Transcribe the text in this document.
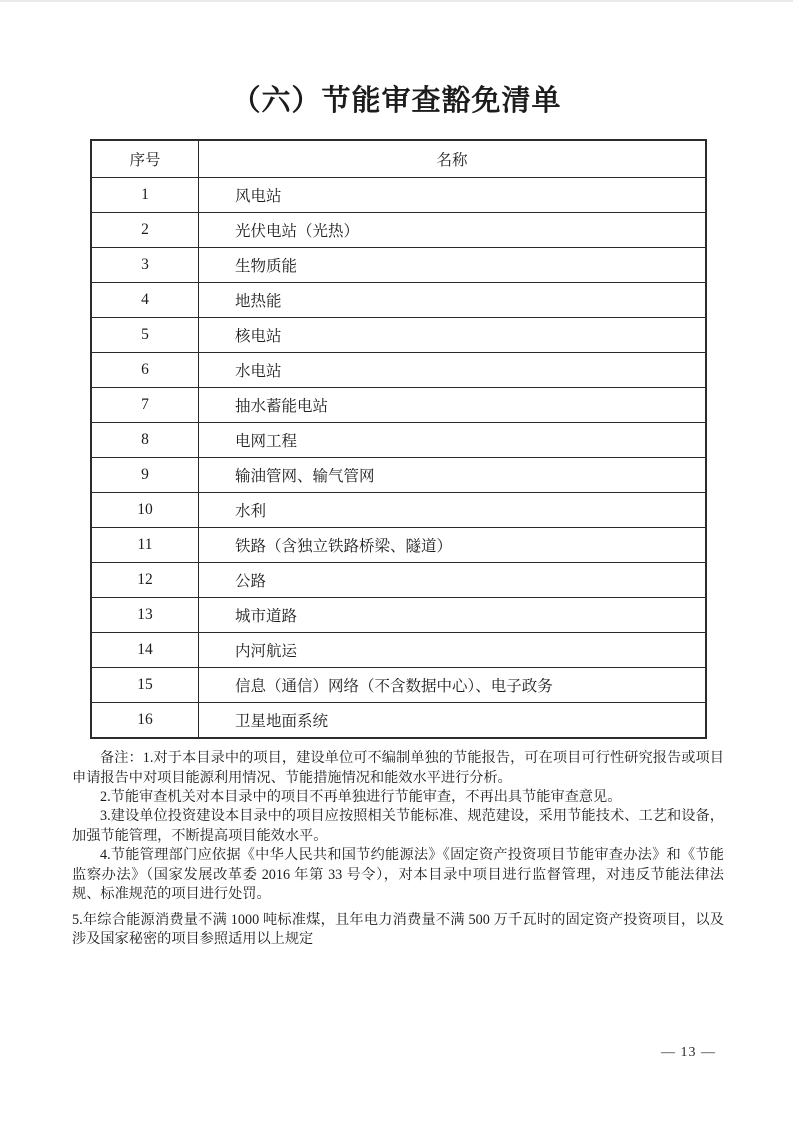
（六）节能审查豁免清单
序号	名称
1	风电站
2	光伏电站（光热）
3	生物质能
4	地热能
5	核电站
6	水电站
7	抽水蓄能电站
8	电网工程
9	输油管网、输气管网
10	水利
11	铁路（含独立铁路桥梁、隧道）
12	公路
13	城市道路
14	内河航运
15	信息（通信）网络（不含数据中心）、电子政务
16	卫星地面系统

备注：1.对于本目录中的项目，建设单位可不编制单独的节能报告，可在项目可行性研究报告或项目申请报告中对项目能源利用情况、节能措施情况和能效水平进行分析。

2.节能审查机关对本目录中的项目不再单独进行节能审查，不再出具节能审查意见。

3.建设单位投资建设本目录中的项目应按照相关节能标准、规范建设，采用节能技术、工艺和设备，加强节能管理，不断提高项目能效水平。

4.节能管理部门应依据《中华人民共和国节约能源法》《固定资产投资项目节能审查办法》和《节能监察办法》（国家发展改革委 2016 年第 33 号令），对本目录中项目进行监督管理，对违反节能法律法规、标准规范的项目进行处罚。

5.年综合能源消费量不满 1000 吨标准煤，且年电力消费量不满 500 万千瓦时的固定资产投资项目，以及涉及国家秘密的项目参照适用以上规定

— 13 —
